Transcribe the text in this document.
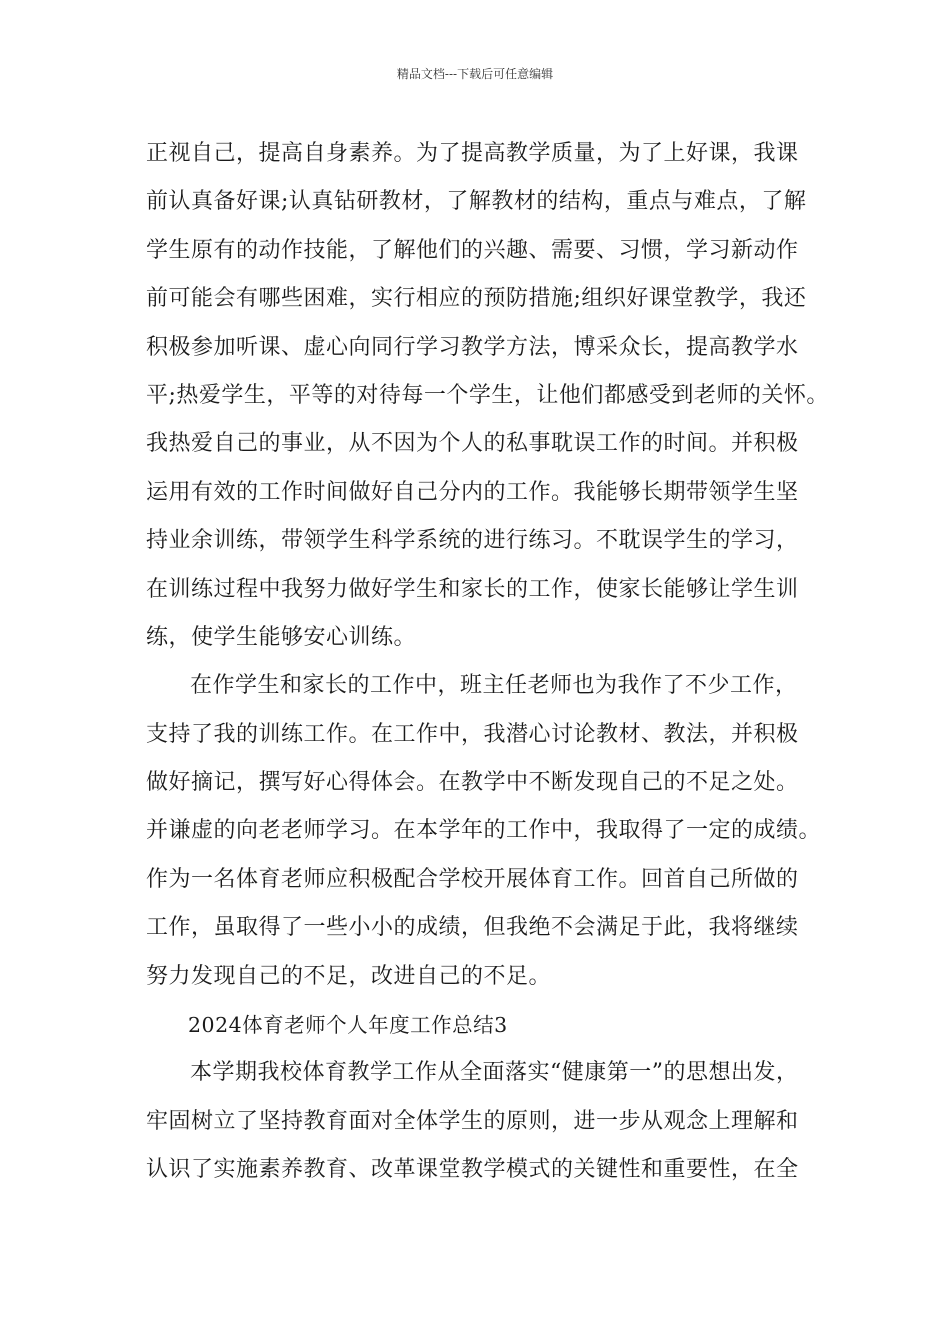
精品文档---下载后可任意编辑
正视自己，提高自身素养。为了提高教学质量，为了上好课，我课
前认真备好课;认真钻研教材，了解教材的结构，重点与难点，了解
学生原有的动作技能，了解他们的兴趣、需要、习惯，学习新动作
前可能会有哪些困难，实行相应的预防措施;组织好课堂教学，我还
积极参加听课、虚心向同行学习教学方法，博采众长，提高教学水
平;热爱学生，平等的对待每一个学生，让他们都感受到老师的关怀。
我热爱自己的事业，从不因为个人的私事耽误工作的时间。并积极
运用有效的工作时间做好自己分内的工作。我能够长期带领学生坚
持业余训练，带领学生科学系统的进行练习。不耽误学生的学习，
在训练过程中我努力做好学生和家长的工作，使家长能够让学生训
练，使学生能够安心训练。
在作学生和家长的工作中，班主任老师也为我作了不少工作，
支持了我的训练工作。在工作中，我潜心讨论教材、教法，并积极
做好摘记，撰写好心得体会。在教学中不断发现自己的不足之处。
并谦虚的向老老师学习。在本学年的工作中，我取得了一定的成绩。
作为一名体育老师应积极配合学校开展体育工作。回首自己所做的
工作，虽取得了一些小小的成绩，但我绝不会满足于此，我将继续
努力发现自己的不足，改进自己的不足。
2024体育老师个人年度工作总结3
本学期我校体育教学工作从全面落实“健康第一”的思想出发，
牢固树立了坚持教育面对全体学生的原则，进一步从观念上理解和
认识了实施素养教育、改革课堂教学模式的关键性和重要性，在全
